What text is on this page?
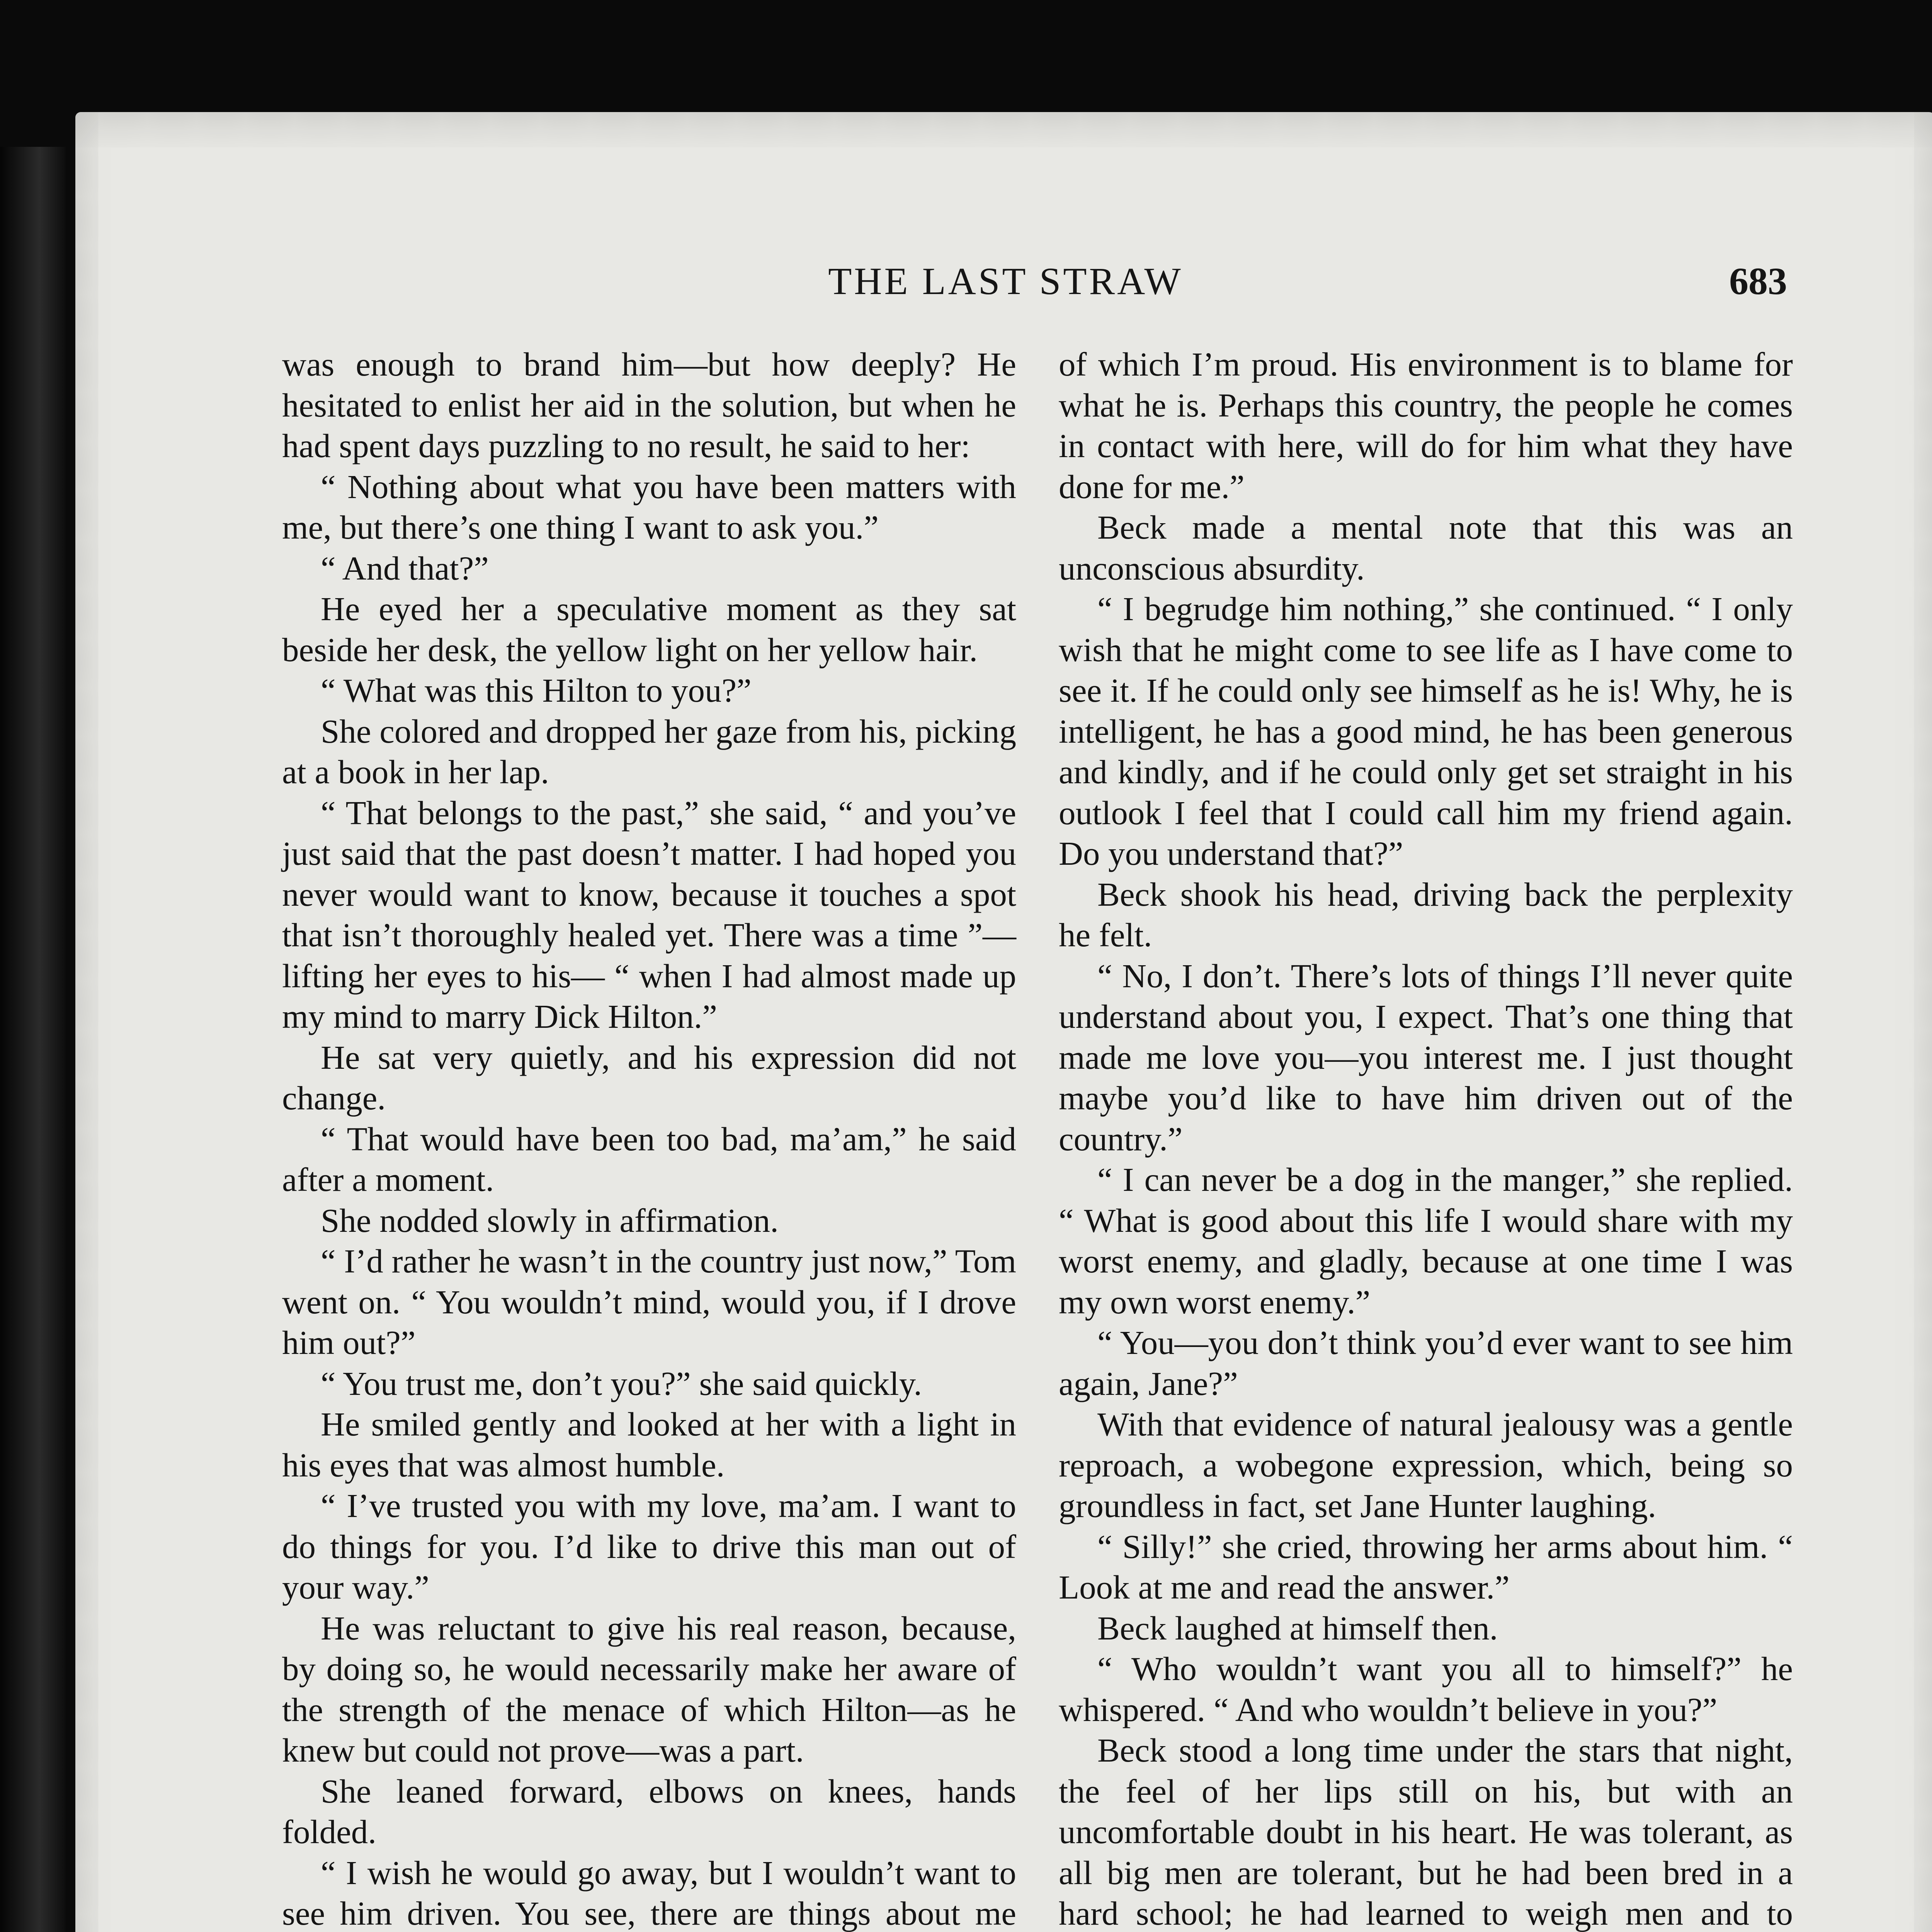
THE LAST STRAW	683

was enough to brand him—but how deeply? He hesitated to enlist her aid in the solution, but when he had spent days puzzling to no result, he said to her:

“ Nothing about what you have been matters with me, but there’s one thing I want to ask you.”

“ And that?”

He eyed her a speculative moment as they sat beside her desk, the yellow light on her yellow hair.

“ What was this Hilton to you?”

She colored and dropped her gaze from his, picking at a book in her lap.

“ That belongs to the past,” she said, “ and you’ve just said that the past doesn’t matter. I had hoped you never would want to know, because it touches a spot that isn’t thoroughly healed yet. There was a time ”—lifting her eyes to his— “ when I had almost made up my mind to marry Dick Hilton.”

He sat very quietly, and his expression did not change.

“ That would have been too bad, ma’am,” he said after a moment.

She nodded slowly in affirmation.

“ I’d rather he wasn’t in the country just now,” Tom went on. “ You wouldn’t mind, would you, if I drove him out?”

“ You trust me, don’t you?” she said quickly.

He smiled gently and looked at her with a light in his eyes that was almost humble.

“ I’ve trusted you with my love, ma’am. I want to do things for you. I’d like to drive this man out of your way.”

He was reluctant to give his real reason, because, by doing so, he would necessarily make her aware of the strength of the menace of which Hilton—as he knew but could not prove—was a part.

She leaned forward, elbows on knees, hands folded.

“ I wish he would go away, but I wouldn’t want to see him driven. You see, there are things about me

of which I’m proud. His environment is to blame for what he is. Perhaps this country, the people he comes in contact with here, will do for him what they have done for me.”

Beck made a mental note that this was an unconscious absurdity.

“ I begrudge him nothing,” she continued. “ I only wish that he might come to see life as I have come to see it. If he could only see himself as he is! Why, he is intelligent, he has a good mind, he has been generous and kindly, and if he could only get set straight in his outlook I feel that I could call him my friend again. Do you understand that?”

Beck shook his head, driving back the perplexity he felt.

“ No, I don’t. There’s lots of things I’ll never quite understand about you, I expect. That’s one thing that made me love you—you interest me. I just thought maybe you’d like to have him driven out of the country.”

“ I can never be a dog in the manger,” she replied. “ What is good about this life I would share with my worst enemy, and gladly, because at one time I was my own worst enemy.”

“ You—you don’t think you’d ever want to see him again, Jane?”

With that evidence of natural jealousy was a gentle reproach, a wobegone expression, which, being so groundless in fact, set Jane Hunter laughing.

“ Silly!” she cried, throwing her arms about him. “ Look at me and read the answer.”

Beck laughed at himself then.

“ Who wouldn’t want you all to himself?” he whispered. “ And who wouldn’t believe in you?”

Beck stood a long time under the stars that night, the feel of her lips still on his, but with an uncomfortable doubt in his heart. He was tolerant, as all big men are tolerant, but he had been bred in a hard school; he had learned to weigh men and to
